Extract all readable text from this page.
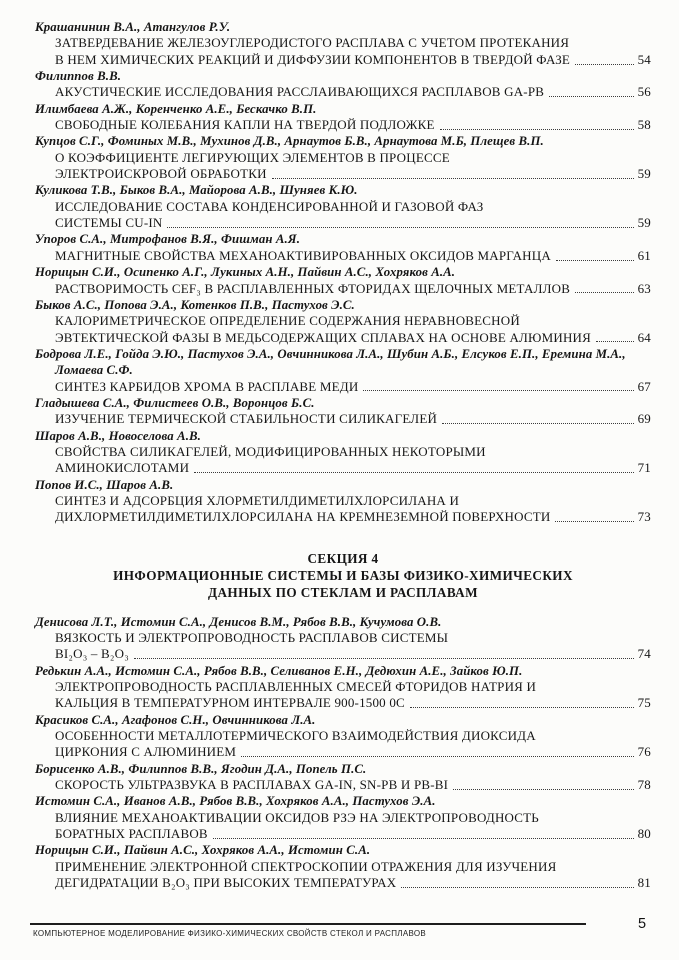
Крашанинин В.А., Атангулов Р.У.
ЗАТВЕРДЕВАНИЕ ЖЕЛЕЗОУГЛЕРОДИСТОГО РАСПЛАВА С УЧЕТОМ ПРОТЕКАНИЯ
В НЕМ ХИМИЧЕСКИХ РЕАКЦИЙ И ДИФФУЗИИ КОМПОНЕНТОВ В ТВЕРДОЙ ФАЗЕ	54
Филиппов В.В.
АКУСТИЧЕСКИЕ ИССЛЕДОВАНИЯ РАССЛАИВАЮЩИХСЯ РАСПЛАВОВ GA-PB	56
Илимбаева А.Ж., Коренченко А.Е., Бескачко В.П.
СВОБОДНЫЕ КОЛЕБАНИЯ КАПЛИ НА ТВЕРДОЙ ПОДЛОЖКЕ	58
Купцов С.Г., Фоминых М.В., Мухинов Д.В., Арнаутов Б.В., Арнаутова М.Б, Плещев В.П.
О КОЭФФИЦИЕНТЕ ЛЕГИРУЮЩИХ ЭЛЕМЕНТОВ В ПРОЦЕССЕ
ЭЛЕКТРОИСКРОВОЙ ОБРАБОТКИ	59
Куликова Т.В., Быков В.А., Майорова А.В., Шуняев К.Ю.
ИССЛЕДОВАНИЕ СОСТАВА КОНДЕНСИРОВАННОЙ И ГАЗОВОЙ ФАЗ
СИСТЕМЫ CU-IN	59
Упоров С.А., Митрофанов В.Я., Фишман А.Я.
МАГНИТНЫЕ СВОЙСТВА МЕХАНОАКТИВИРОВАННЫХ ОКСИДОВ МАРГАНЦА	61
Норицын С.И., Осипенко А.Г., Лукиных А.Н., Пайвин А.С., Хохряков А.А.
РАСТВОРИМОСТЬ CEF₃ В РАСПЛАВЛЕННЫХ ФТОРИДАХ ЩЕЛОЧНЫХ МЕТАЛЛОВ	63
Быков А.С., Попова Э.А., Котенков П.В., Пастухов Э.С.
КАЛОРИМЕТРИЧЕСКОЕ ОПРЕДЕЛЕНИЕ СОДЕРЖАНИЯ НЕРАВНОВЕСНОЙ
ЭВТЕКТИЧЕСКОЙ ФАЗЫ В МЕДЬСОДЕРЖАЩИХ СПЛАВАХ НА ОСНОВЕ АЛЮМИНИЯ	64
Бодрова Л.Е., Гойда Э.Ю., Пастухов Э.А., Овчинникова Л.А., Шубин А.Б., Елсуков Е.П., Еремина М.А., Ломаева С.Ф.
СИНТЕЗ КАРБИДОВ ХРОМА В РАСПЛАВЕ МЕДИ	67
Гладышева С.А., Филистеев О.В., Воронцов Б.С.
ИЗУЧЕНИЕ ТЕРМИЧЕСКОЙ СТАБИЛЬНОСТИ СИЛИКАГЕЛЕЙ	69
Шаров А.В., Новоселова А.В.
СВОЙСТВА СИЛИКАГЕЛЕЙ, МОДИФИЦИРОВАННЫХ НЕКОТОРЫМИ
АМИНОКИСЛОТАМИ	71
Попов И.С., Шаров А.В.
СИНТЕЗ И АДСОРБЦИЯ ХЛОРМЕТИЛДИМЕТИЛХЛОРСИЛАНА И
ДИХЛОРМЕТИЛДИМЕТИЛХЛОРСИЛАНА НА КРЕМНЕЗЕМНОЙ ПОВЕРХНОСТИ	73
СЕКЦИЯ 4
ИНФОРМАЦИОННЫЕ СИСТЕМЫ И БАЗЫ ФИЗИКО-ХИМИЧЕСКИХ
ДАННЫХ ПО СТЕКЛАМ И РАСПЛАВАМ
Денисова Л.Т., Истомин С.А., Денисов В.М., Рябов В.В., Кучумова О.В.
ВЯЗКОСТЬ И ЭЛЕКТРОПРОВОДНОСТЬ РАСПЛАВОВ СИСТЕМЫ
BI₂O₃ – B₂O₃	74
Редькин А.А., Истомин С.А., Рябов В.В., Селиванов Е.Н., Дедюхин А.Е., Зайков Ю.П.
ЭЛЕКТРОПРОВОДНОСТЬ РАСПЛАВЛЕННЫХ СМЕСЕЙ ФТОРИДОВ НАТРИЯ И
КАЛЬЦИЯ В ТЕМПЕРАТУРНОМ ИНТЕРВАЛЕ 900-1500 0С	75
Красиков С.А., Агафонов С.Н., Овчинникова Л.А.
ОСОБЕННОСТИ МЕТАЛЛОТЕРМИЧЕСКОГО ВЗАИМОДЕЙСТВИЯ ДИОКСИДА
ЦИРКОНИЯ С АЛЮМИНИЕМ	76
Борисенко А.В., Филиппов В.В., Ягодин Д.А., Попель П.С.
СКОРОСТЬ УЛЬТРАЗВУКА В РАСПЛАВАХ GA-IN, SN-PB И PB-BI	78
Истомин С.А., Иванов А.В., Рябов В.В., Хохряков А.А., Пастухов Э.А.
ВЛИЯНИЕ МЕХАНОАКТИВАЦИИ ОКСИДОВ РЗЭ НА ЭЛЕКТРОПРОВОДНОСТЬ
БОРАТНЫХ РАСПЛАВОВ	80
Норицын С.И., Пайвин А.С., Хохряков А.А., Истомин С.А.
ПРИМЕНЕНИЕ ЭЛЕКТРОННОЙ СПЕКТРОСКОПИИ ОТРАЖЕНИЯ ДЛЯ ИЗУЧЕНИЯ
ДЕГИДРАТАЦИИ B₂O₃ ПРИ ВЫСОКИХ ТЕМПЕРАТУРАХ	81
КОМПЬЮТЕРНОЕ МОДЕЛИРОВАНИЕ ФИЗИКО-ХИМИЧЕСКИХ СВОЙСТВ СТЕКОЛ И РАСПЛАВОВ
5
